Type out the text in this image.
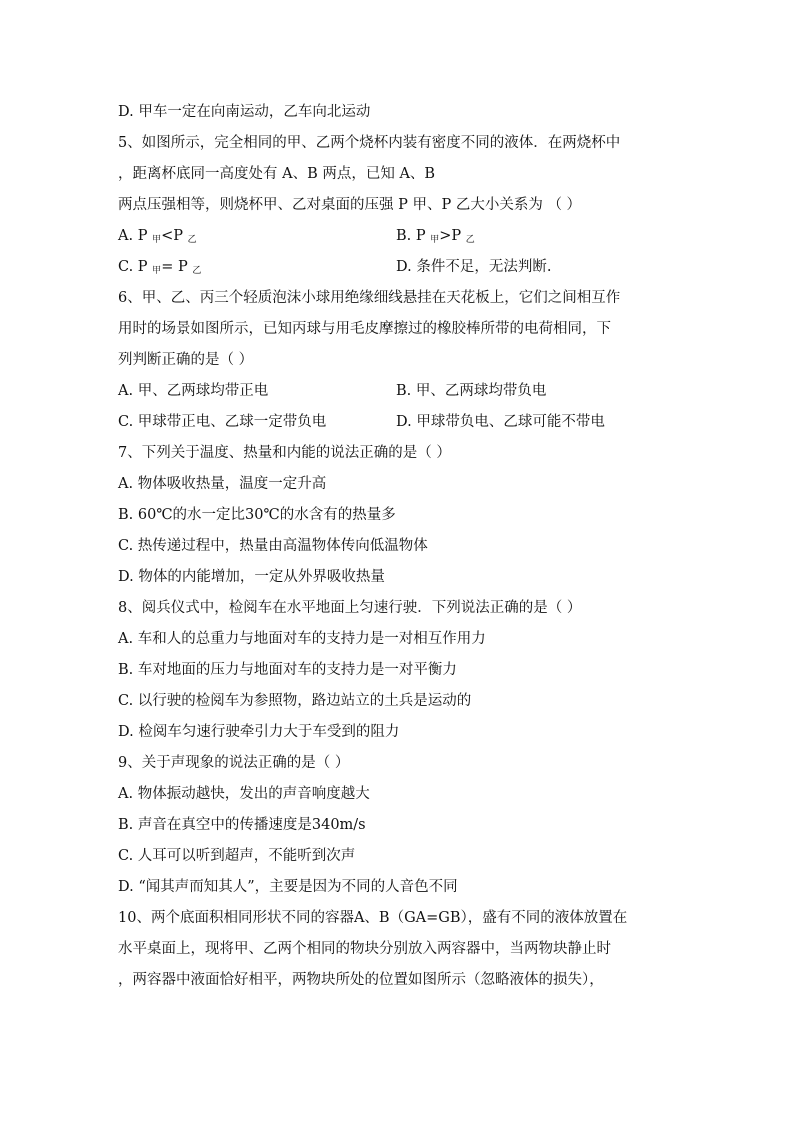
D. 甲车一定在向南运动，乙车向北运动
5、如图所示，完全相同的甲、乙两个烧杯内装有密度不同的液体．在两烧杯中
，距离杯底同一高度处有 A、B 两点，已知 A、B
两点压强相等，则烧杯甲、乙对桌面的压强 P 甲、P 乙大小关系为 （ ）
A. P $_甲$<P $_乙$	B. P $_甲$>P $_乙$
C. P $_甲$= P $_乙$	D. 条件不足，无法判断.
6、甲、乙、丙三个轻质泡沫小球用绝缘细线悬挂在天花板上，它们之间相互作
用时的场景如图所示，已知丙球与用毛皮摩擦过的橡胶棒所带的电荷相同，下
列判断正确的是（ ）
A. 甲、乙两球均带正电	B. 甲、乙两球均带负电
C. 甲球带正电、乙球一定带负电	D. 甲球带负电、乙球可能不带电
7、下列关于温度、热量和内能的说法正确的是（ ）
A. 物体吸收热量，温度一定升高
B. 60℃的水一定比30℃的水含有的热量多
C. 热传递过程中，热量由高温物体传向低温物体
D. 物体的内能增加，一定从外界吸收热量
8、阅兵仪式中，检阅车在水平地面上匀速行驶．下列说法正确的是（ ）
A. 车和人的总重力与地面对车的支持力是一对相互作用力
B. 车对地面的压力与地面对车的支持力是一对平衡力
C. 以行驶的检阅车为参照物，路边站立的土兵是运动的
D. 检阅车匀速行驶牵引力大于车受到的阻力
9、关于声现象的说法正确的是（ ）
A. 物体振动越快，发出的声音响度越大
B. 声音在真空中的传播速度是340m/s
C. 人耳可以听到超声，不能听到次声
D. “闻其声而知其人”，主要是因为不同的人音色不同
10、两个底面积相同形状不同的容器A、B（GA=GB），盛有不同的液体放置在
水平桌面上，现将甲、乙两个相同的物块分别放入两容器中，当两物块静止时
，两容器中液面恰好相平，两物块所处的位置如图所示（忽略液体的损失），
